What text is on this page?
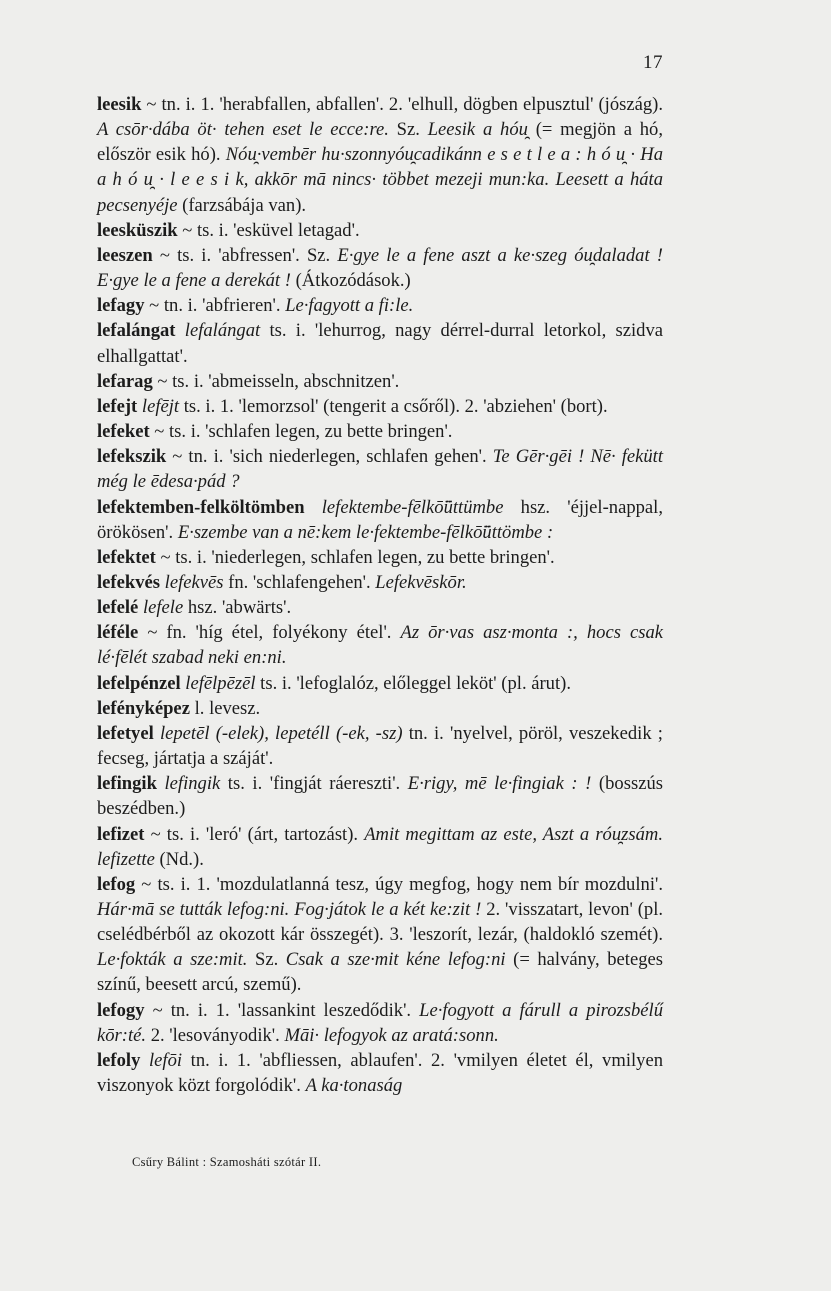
17

leesik ~ tn. i. 1. 'herabfallen, abfallen'. 2. 'elhull, dögben elpusztul' (jószág). A csōr·dába öt· tehen eset le ecce:re. Sz. Leesik a hóu̯ (= megjön a hó, először esik hó). Nóu̯·vembēr hu·szonnyóu̯cadikánn e s e t l e a : h ó u̯ · Ha a h ó u̯ · l e e s i k, akkōr mā nincs· többet mezeji mun:ka. Leesett a háta pecsenyéje (farzsábája van).

leesküszik ~ ts. i. 'esküvel letagad'.

leeszen ~ ts. i. 'abfressen'. Sz. E·gye le a fene aszt a ke·szeg óu̯dаladat ! E·gye le a fene a derekát ! (Átkozódások.)

lefagy ~ tn. i. 'abfrieren'. Le·fagyott a fi:le.

lefalángat lefalángat ts. i. 'lehurrog, nagy dérrel-durral letorkol, szidva elhallgattat'.

lefarag ~ ts. i. 'abmeisseln, abschnitzen'.

lefejt lefējt ts. i. 1. 'lemorzsol' (tengerit a csőről). 2. 'abziehen' (bort).

lefeket ~ ts. i. 'schlafen legen, zu bette bringen'.

lefekszik ~ tn. i. 'sich niederlegen, schlafen gehen'. Te Gēr·gēi ! Nē· fekütt még le ēdesa·pád ?

lefektemben-felköltömben lefektembe-fēlkō̈üttümbe hsz. 'éjjel-nappal, örökösen'. E·szembe van a nē:kem le·fektembe-fēlkō̈üttömbe :

lefektet ~ ts. i. 'niederlegen, schlafen legen, zu bette bringen'.

lefekvés lefekvēs fn. 'schlafengehen'. Lefekvēskōr.

lefelé lefele hsz. 'abwärts'.

léféle ~ fn. 'híg étel, folyékony étel'. Az ōr·vas asz·monta :, hocs csak lé·fēlét szabad neki en:ni.

lefelpénzel lefēlpēzēl ts. i. 'lefoglalóz, előleggel leköt' (pl. árut).

lefényképez l. levesz.

lefetyel lepetēl (-elek), lepetéll (-ek, -sz) tn. i. 'nyelvel, pöröl, veszekedik ; fecseg, jártatja a száját'.

lefingik lefingik ts. i. 'fingját ráereszti'. E·rigy, mē le·fingiak : ! (bosszús beszédben.)

lefizet ~ ts. i. 'leró' (árt, tartozást). Amit megittam az este, Aszt a róu̯zsám. lefizette (Nd.).

lefog ~ ts. i. 1. 'mozdulatlanná tesz, úgy megfog, hogy nem bír mozdulni'. Hár·mā se tutták lefog:ni. Fog·játok le a két ke:zit ! 2. 'visszatart, levon' (pl. cselédbérből az okozott kár összegét). 3. 'leszorít, lezár, (haldokló szemét). Le·fokták a sze:mit. Sz. Csak a sze·mit kéne lefog:ni (= halvány, beteges színű, beesett arcú, szemű).

lefogy ~ tn. i. 1. 'lassankint leszedődik'. Le·fogyott a fárull a pirozsbélű kōr:té. 2. 'lesoványodik'. Māi· lefogyok az aratá:sonn.

lefoly lefōi tn. i. 1. 'abfliessen, ablaufen'. 2. 'vmilyen életet él, vmilyen viszonyok közt forgolódik'. A ka·tonaság

Csűry Bálint : Szamosháti szótár II.
